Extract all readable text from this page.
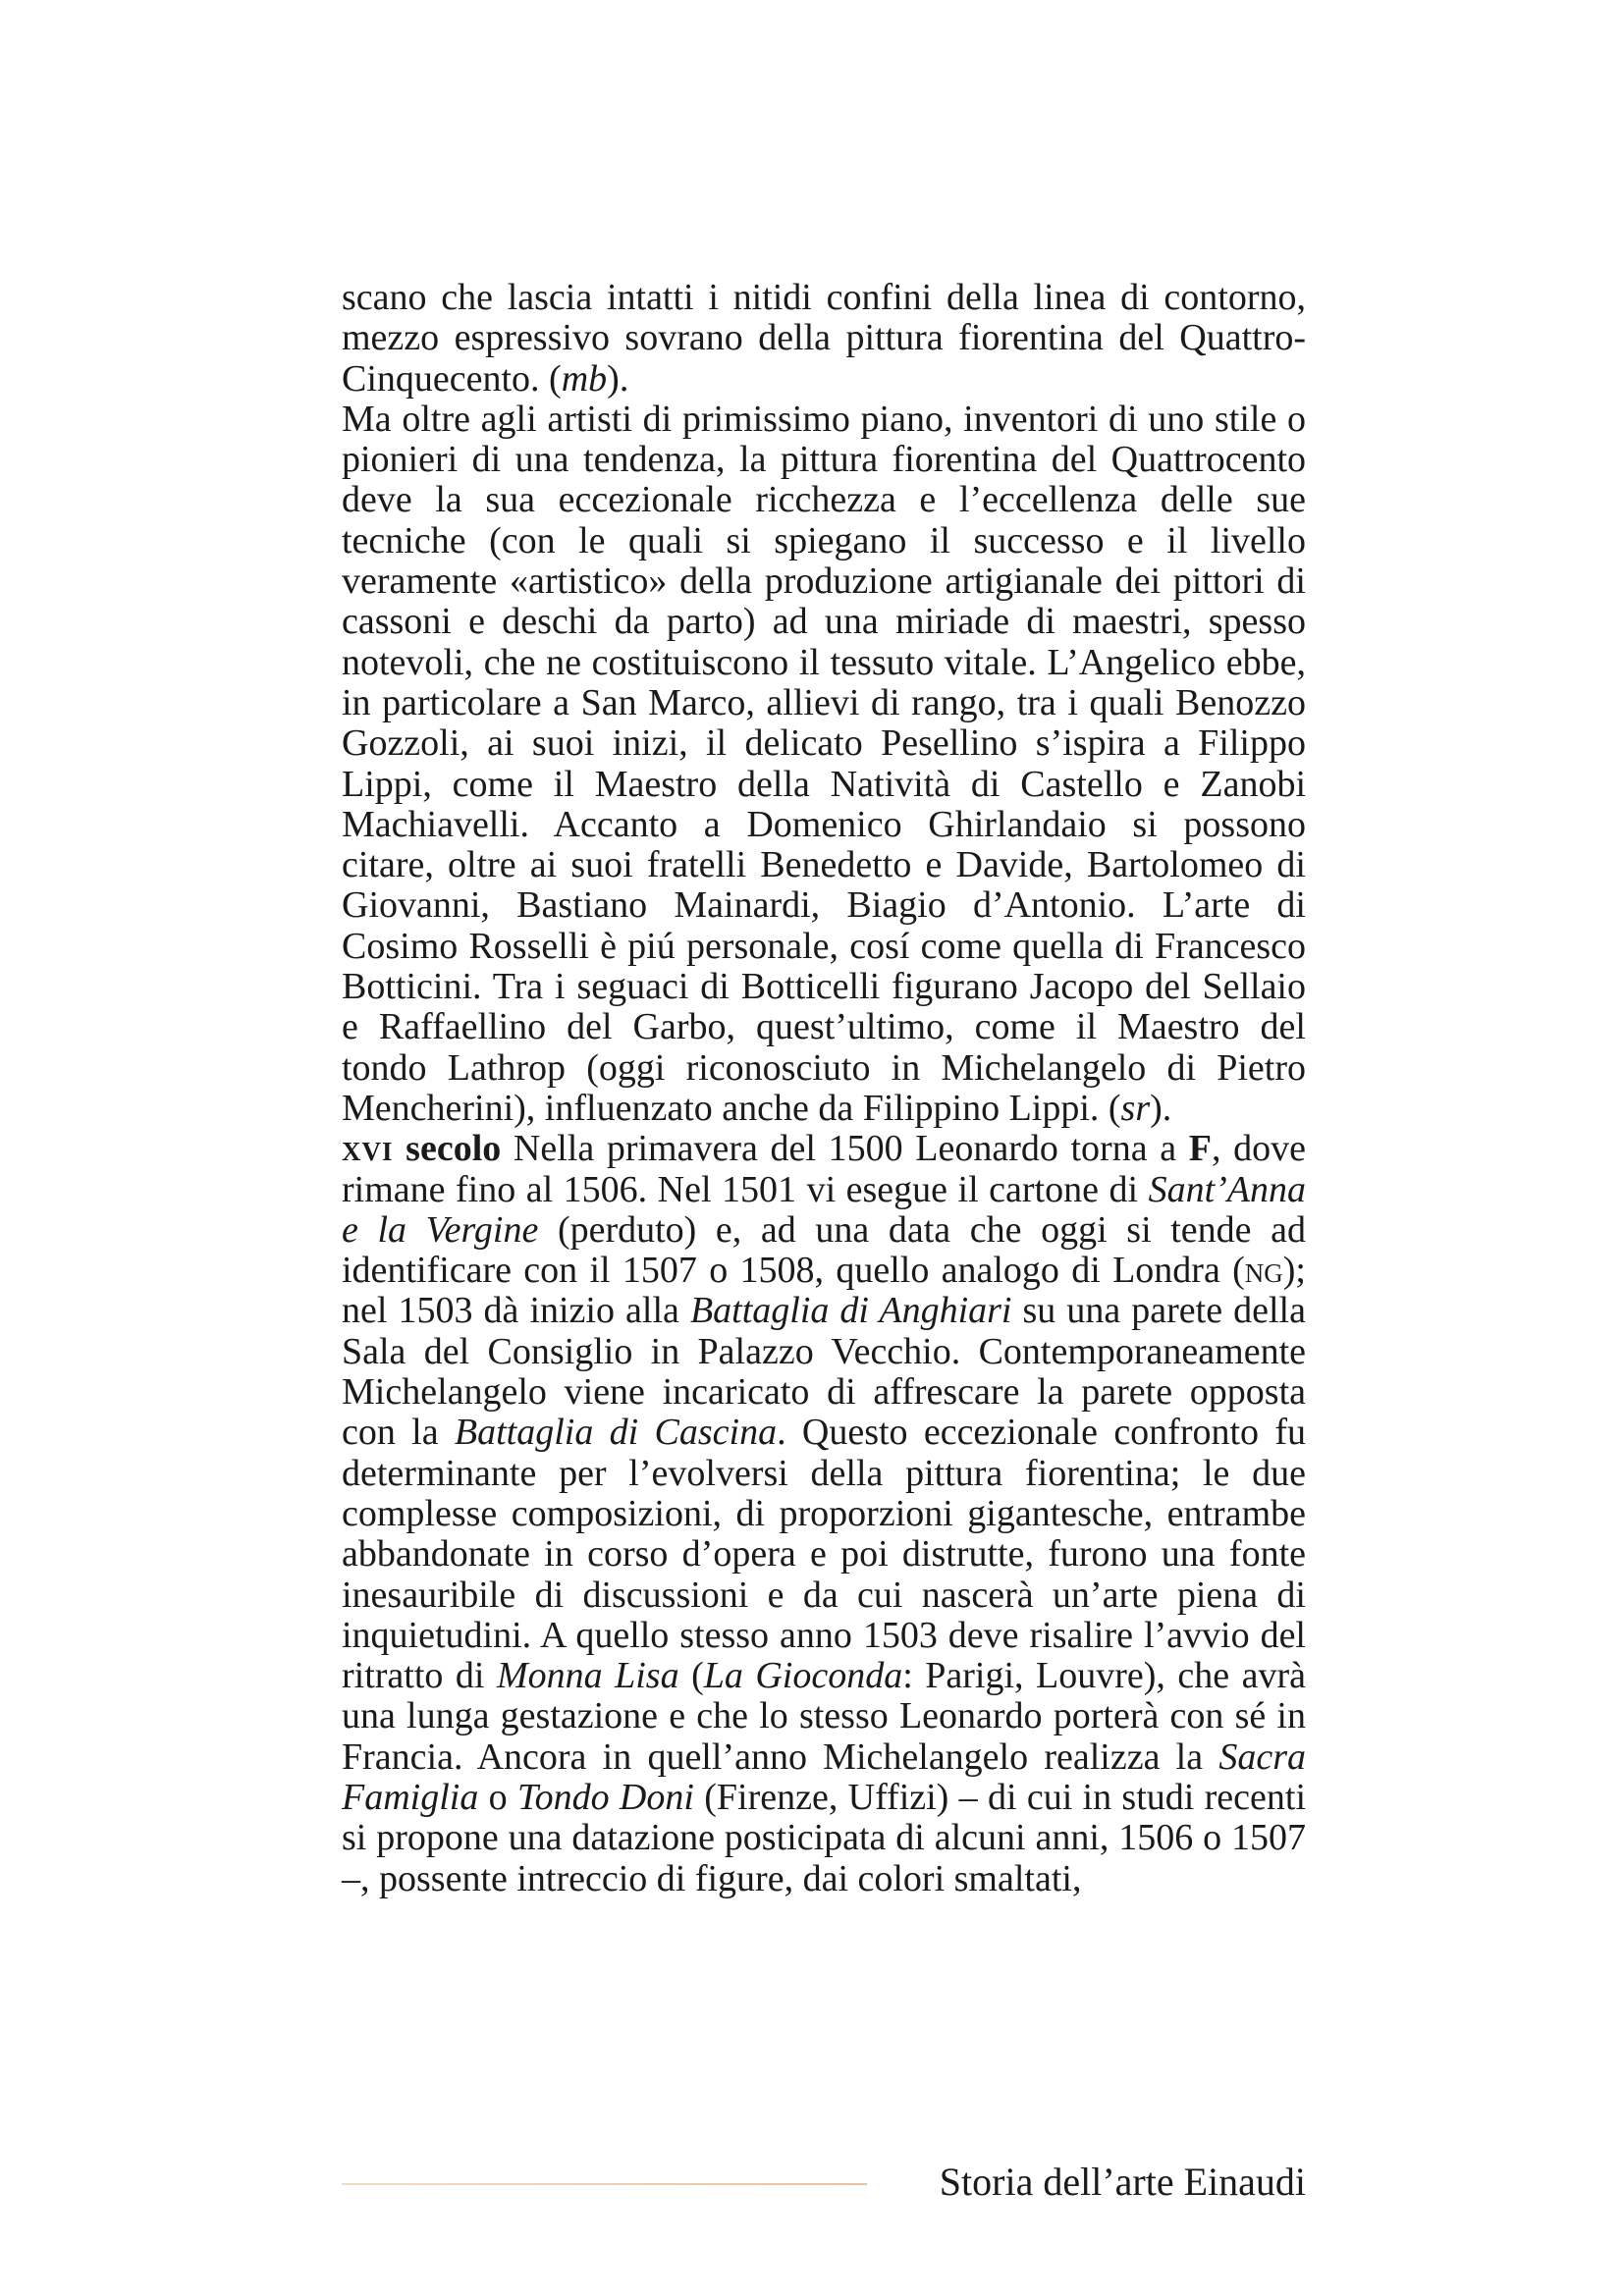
scano che lascia intatti i nitidi confini della linea di contorno, mezzo espressivo sovrano della pittura fiorentina del Quattro-Cinquecento. (mb).

Ma oltre agli artisti di primissimo piano, inventori di uno stile o pionieri di una tendenza, la pittura fiorentina del Quattrocento deve la sua eccezionale ricchezza e l’eccellenza delle sue tecniche (con le quali si spiegano il successo e il livello veramente «artistico» della produzione artigianale dei pittori di cassoni e deschi da parto) ad una miriade di maestri, spesso notevoli, che ne costituiscono il tessuto vitale. L’Angelico ebbe, in particolare a San Marco, allievi di rango, tra i quali Benozzo Gozzoli, ai suoi inizi, il delicato Pesellino s’ispira a Filippo Lippi, come il Maestro della Natività di Castello e Zanobi Machiavelli. Accanto a Domenico Ghirlandaio si possono citare, oltre ai suoi fratelli Benedetto e Davide, Bartolomeo di Giovanni, Bastiano Mainardi, Biagio d’Antonio. L’arte di Cosimo Rosselli è piú personale, cosí come quella di Francesco Botticini. Tra i seguaci di Botticelli figurano Jacopo del Sellaio e Raffaellino del Garbo, quest’ultimo, come il Maestro del tondo Lathrop (oggi riconosciuto in Michelangelo di Pietro Mencherini), influenzato anche da Filippino Lippi. (sr).

xvi secolo Nella primavera del 1500 Leonardo torna a F, dove rimane fino al 1506. Nel 1501 vi esegue il cartone di Sant’Anna e la Vergine (perduto) e, ad una data che oggi si tende ad identificare con il 1507 o 1508, quello analogo di Londra (ng); nel 1503 dà inizio alla Battaglia di Anghiari su una parete della Sala del Consiglio in Palazzo Vecchio. Contemporaneamente Michelangelo viene incaricato di affrescare la parete opposta con la Battaglia di Cascina. Questo eccezionale confronto fu determinante per l’evolversi della pittura fiorentina; le due complesse composizioni, di proporzioni gigantesche, entrambe abbandonate in corso d’opera e poi distrutte, furono una fonte inesauribile di discussioni e da cui nascerà un’arte piena di inquietudini. A quello stesso anno 1503 deve risalire l’avvio del ritratto di Monna Lisa (La Gioconda: Parigi, Louvre), che avrà una lunga gestazione e che lo stesso Leonardo porterà con sé in Francia. Ancora in quell’anno Michelangelo realizza la Sacra Famiglia o Tondo Doni (Firenze, Uffizi) – di cui in studi recenti si propone una datazione posticipata di alcuni anni, 1506 o 1507 –, possente intreccio di figure, dai colori smaltati,

Storia dell’arte Einaudi
